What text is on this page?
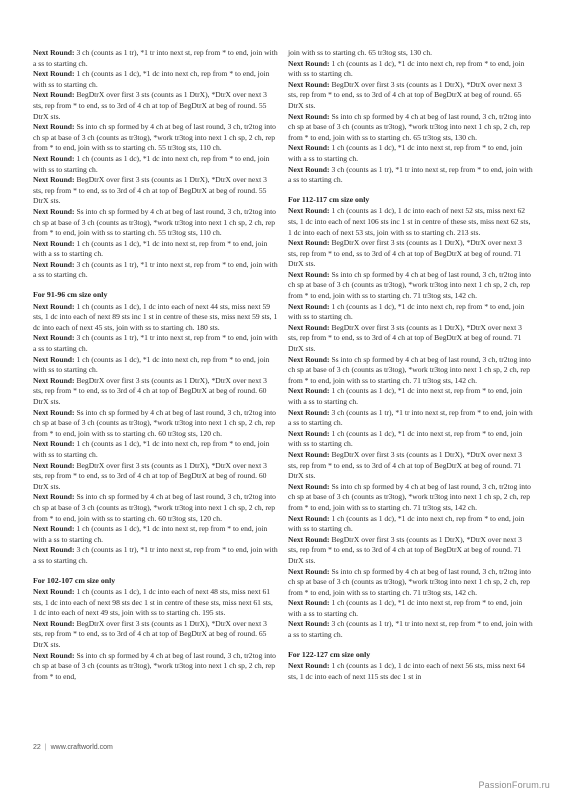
Next Round: 3 ch (counts as 1 tr), *1 tr into next st, rep from * to end, join with a ss to starting ch.

Next Round: 1 ch (counts as 1 dc), *1 dc into next ch, rep from * to end, join with ss to starting ch.

Next Round: BegDtrX over first 3 sts (counts as 1 DtrX), *DtrX over next 3 sts, rep from * to end, ss to 3rd of 4 ch at top of BegDtrX at beg of round. 55 DtrX sts.

Next Round: Ss into ch sp formed by 4 ch at beg of last round, 3 ch, tr2tog into ch sp at base of 3 ch (counts as tr3tog), *work tr3tog into next 1 ch sp, 2 ch, rep from * to end, join with ss to starting ch. 55 tr3tog sts, 110 ch.

Next Round: 1 ch (counts as 1 dc), *1 dc into next ch, rep from * to end, join with ss to starting ch.

Next Round: BegDtrX over first 3 sts (counts as 1 DtrX), *DtrX over next 3 sts, rep from * to end, ss to 3rd of 4 ch at top of BegDtrX at beg of round. 55 DtrX sts.

Next Round: Ss into ch sp formed by 4 ch at beg of last round, 3 ch, tr2tog into ch sp at base of 3 ch (counts as tr3tog), *work tr3tog into next 1 ch sp, 2 ch, rep from * to end, join with ss to starting ch. 55 tr3tog sts, 110 ch.

Next Round: 1 ch (counts as 1 dc), *1 dc into next st, rep from * to end, join with a ss to starting ch.

Next Round: 3 ch (counts as 1 tr), *1 tr into next st, rep from * to end, join with a ss to starting ch.

For 91-96 cm size only

Next Round: 1 ch (counts as 1 dc), 1 dc into each of next 44 sts, miss next 59 sts, 1 dc into each of next 89 sts inc 1 st in centre of these sts, miss next 59 sts, 1 dc into each of next 45 sts, join with ss to starting ch. 180 sts.

Next Round: 3 ch (counts as 1 tr), *1 tr into next st, rep from * to end, join with a ss to starting ch.

Next Round: 1 ch (counts as 1 dc), *1 dc into next ch, rep from * to end, join with ss to starting ch.

Next Round: BegDtrX over first 3 sts (counts as 1 DtrX), *DtrX over next 3 sts, rep from * to end, ss to 3rd of 4 ch at top of BegDtrX at beg of round. 60 DtrX sts.

Next Round: Ss into ch sp formed by 4 ch at beg of last round, 3 ch, tr2tog into ch sp at base of 3 ch (counts as tr3tog), *work tr3tog into next 1 ch sp, 2 ch, rep from * to end, join with ss to starting ch. 60 tr3tog sts, 120 ch.

Next Round: 1 ch (counts as 1 dc), *1 dc into next ch, rep from * to end, join with ss to starting ch.

Next Round: BegDtrX over first 3 sts (counts as 1 DtrX), *DtrX over next 3 sts, rep from * to end, ss to 3rd of 4 ch at top of BegDtrX at beg of round. 60 DtrX sts.

Next Round: Ss into ch sp formed by 4 ch at beg of last round, 3 ch, tr2tog into ch sp at base of 3 ch (counts as tr3tog), *work tr3tog into next 1 ch sp, 2 ch, rep from * to end, join with ss to starting ch. 60 tr3tog sts, 120 ch.

Next Round: 1 ch (counts as 1 dc), *1 dc into next st, rep from * to end, join with a ss to starting ch.

Next Round: 3 ch (counts as 1 tr), *1 tr into next st, rep from * to end, join with a ss to starting ch.

For 102-107 cm size only

Next Round: 1 ch (counts as 1 dc), 1 dc into each of next 48 sts, miss next 61 sts, 1 dc into each of next 98 sts dec 1 st in centre of these sts, miss next 61 sts, 1 dc into each of next 49 sts, join with ss to starting ch. 195 sts.

Next Round: BegDtrX over first 3 sts (counts as 1 DtrX), *DtrX over next 3 sts, rep from * to end, ss to 3rd of 4 ch at top of BegDtrX at beg of round. 65 DtrX sts.

Next Round: Ss into ch sp formed by 4 ch at beg of last round, 3 ch, tr2tog into ch sp at base of 3 ch (counts as tr3tog), *work tr3tog into next 1 ch sp, 2 ch, rep from * to end,

join with ss to starting ch. 65 tr3tog sts, 130 ch.

Next Round: 1 ch (counts as 1 dc), *1 dc into next ch, rep from * to end, join with ss to starting ch.

Next Round: BegDtrX over first 3 sts (counts as 1 DtrX), *DtrX over next 3 sts, rep from * to end, ss to 3rd of 4 ch at top of BegDtrX at beg of round. 65 DtrX sts.

Next Round: Ss into ch sp formed by 4 ch at beg of last round, 3 ch, tr2tog into ch sp at base of 3 ch (counts as tr3tog), *work tr3tog into next 1 ch sp, 2 ch, rep from * to end, join with ss to starting ch. 65 tr3tog sts, 130 ch.

Next Round: 1 ch (counts as 1 dc), *1 dc into next st, rep from * to end, join with a ss to starting ch.

Next Round: 3 ch (counts as 1 tr), *1 tr into next st, rep from * to end, join with a ss to starting ch.

For 112-117 cm size only

Next Round: 1 ch (counts as 1 dc), 1 dc into each of next 52 sts, miss next 62 sts, 1 dc into each of next 106 sts inc 1 st in centre of these sts, miss next 62 sts, 1 dc into each of next 53 sts, join with ss to starting ch. 213 sts.

Next Round: BegDtrX over first 3 sts (counts as 1 DtrX), *DtrX over next 3 sts, rep from * to end, ss to 3rd of 4 ch at top of BegDtrX at beg of round. 71 DtrX sts.

Next Round: Ss into ch sp formed by 4 ch at beg of last round, 3 ch, tr2tog into ch sp at base of 3 ch (counts as tr3tog), *work tr3tog into next 1 ch sp, 2 ch, rep from * to end, join with ss to starting ch. 71 tr3tog sts, 142 ch.

Next Round: 1 ch (counts as 1 dc), *1 dc into next ch, rep from * to end, join with ss to starting ch.

Next Round: BegDtrX over first 3 sts (counts as 1 DtrX), *DtrX over next 3 sts, rep from * to end, ss to 3rd of 4 ch at top of BegDtrX at beg of round. 71 DtrX sts.

Next Round: Ss into ch sp formed by 4 ch at beg of last round, 3 ch, tr2tog into ch sp at base of 3 ch (counts as tr3tog), *work tr3tog into next 1 ch sp, 2 ch, rep from * to end, join with ss to starting ch. 71 tr3tog sts, 142 ch.

Next Round: 1 ch (counts as 1 dc), *1 dc into next st, rep from * to end, join with a ss to starting ch.

Next Round: 3 ch (counts as 1 tr), *1 tr into next st, rep from * to end, join with a ss to starting ch.

Next Round: 1 ch (counts as 1 dc), *1 dc into next st, rep from * to end, join with ss to starting ch.

Next Round: BegDtrX over first 3 sts (counts as 1 DtrX), *DtrX over next 3 sts, rep from * to end, ss to 3rd of 4 ch at top of BegDtrX at beg of round. 71 DtrX sts.

Next Round: Ss into ch sp formed by 4 ch at beg of last round, 3 ch, tr2tog into ch sp at base of 3 ch (counts as tr3tog), *work tr3tog into next 1 ch sp, 2 ch, rep from * to end, join with ss to starting ch. 71 tr3tog sts, 142 ch.

Next Round: 1 ch (counts as 1 dc), *1 dc into next ch, rep from * to end, join with ss to starting ch.

Next Round: BegDtrX over first 3 sts (counts as 1 DtrX), *DtrX over next 3 sts, rep from * to end, ss to 3rd of 4 ch at top of BegDtrX at beg of round. 71 DtrX sts.

Next Round: Ss into ch sp formed by 4 ch at beg of last round, 3 ch, tr2tog into ch sp at base of 3 ch (counts as tr3tog), *work tr3tog into next 1 ch sp, 2 ch, rep from * to end, join with ss to starting ch. 71 tr3tog sts, 142 ch.

Next Round: 1 ch (counts as 1 dc), *1 dc into next st, rep from * to end, join with a ss to starting ch.

Next Round: 3 ch (counts as 1 tr), *1 tr into next st, rep from * to end, join with a ss to starting ch.

For 122-127 cm size only

Next Round: 1 ch (counts as 1 dc), 1 dc into each of next 56 sts, miss next 64 sts, 1 dc into each of next 115 sts dec 1 st in

22 | www.craftworld.com
PassionForum.ru
